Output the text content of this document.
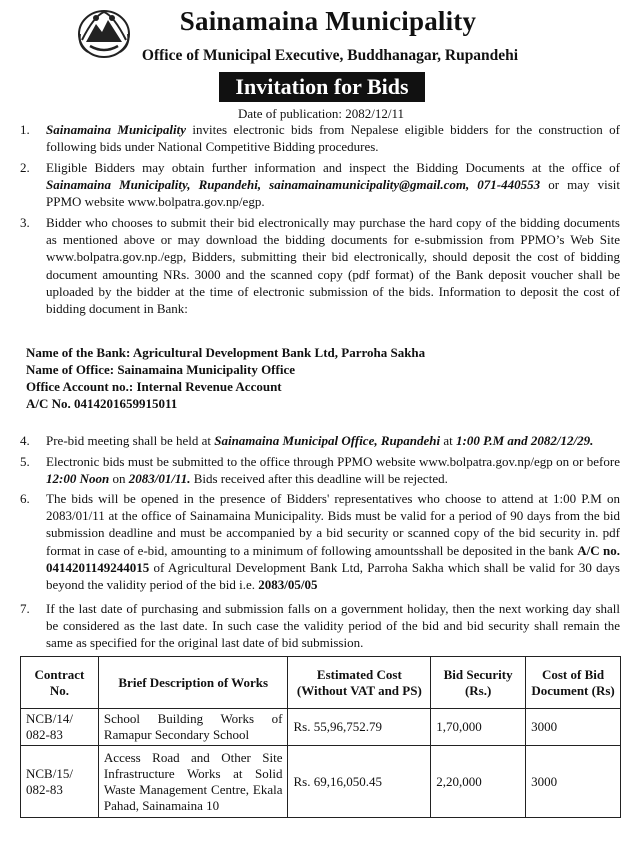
Sainamaina Municipality
Office of Municipal Executive, Buddhanagar, Rupandehi
Invitation for Bids
Date of publication: 2082/12/11
1.	Sainamaina Municipality invites electronic bids from Nepalese eligible bidders for the construction of following bids under National Competitive Bidding procedures.
2.	Eligible Bidders may obtain further information and inspect the Bidding Documents at the office of Sainamaina Municipality, Rupandehi, sainamainamunicipality@gmail.com, 071-440553 or may visit PPMO website www.bolpatra.gov.np/egp.
3.	Bidder who chooses to submit their bid electronically may purchase the hard copy of the bidding documents as mentioned above or may download the bidding documents for e-submission from PPMO’s Web Site www.bolpatra.gov.np./egp, Bidders, submitting their bid electronically, should deposit the cost of bidding document amounting NRs. 3000 and the scanned copy (pdf format) of the Bank deposit voucher shall be uploaded by the bidder at the time of electronic submission of the bids. Information to deposit the cost of bidding document in Bank:
Name of the Bank: Agricultural Development Bank Ltd, Parroha Sakha
Name of Office: Sainamaina Municipality Office
Office Account no.: Internal Revenue Account
A/C No. 0414201659915011
4.	Pre-bid meeting shall be held at Sainamaina Municipal Office, Rupandehi at 1:00 P.M and 2082/12/29.
5.	Electronic bids must be submitted to the office through PPMO website www.bolpatra.gov.np/egp on or before 12:00 Noon on 2083/01/11. Bids received after this deadline will be rejected.
6.	The bids will be opened in the presence of Bidders' representatives who choose to attend at 1:00 P.M on 2083/01/11 at the office of Sainamaina Municipality. Bids must be valid for a period of 90 days from the bid submission deadline and must be accompanied by a bid security or scanned copy of the bid security in. pdf format in case of e-bid, amounting to a minimum of following amountsshall be deposited in the bank A/C no. 0414201149244015 of Agricultural Development Bank Ltd, Parroha Sakha which shall be valid for 30 days beyond the validity period of the bid i.e. 2083/05/05
7.	If the last date of purchasing and submission falls on a government holiday, then the next working day shall be considered as the last date. In such case the validity period of the bid and bid security shall remain the same as specified for the original last date of bid submission.
Contract No.	Brief Description of Works	Estimated Cost (Without VAT and PS)	Bid Security (Rs.)	Cost of Bid Document (Rs)
NCB/14/ 082-83	School Building Works of Ramapur Secondary School	Rs. 55,96,752.79	1,70,000	3000
NCB/15/ 082-83	Access Road and Other Site Infrastructure Works at Solid Waste Management Centre, Ekala Pahad, Sainamaina 10	Rs. 69,16,050.45	2,20,000	3000
